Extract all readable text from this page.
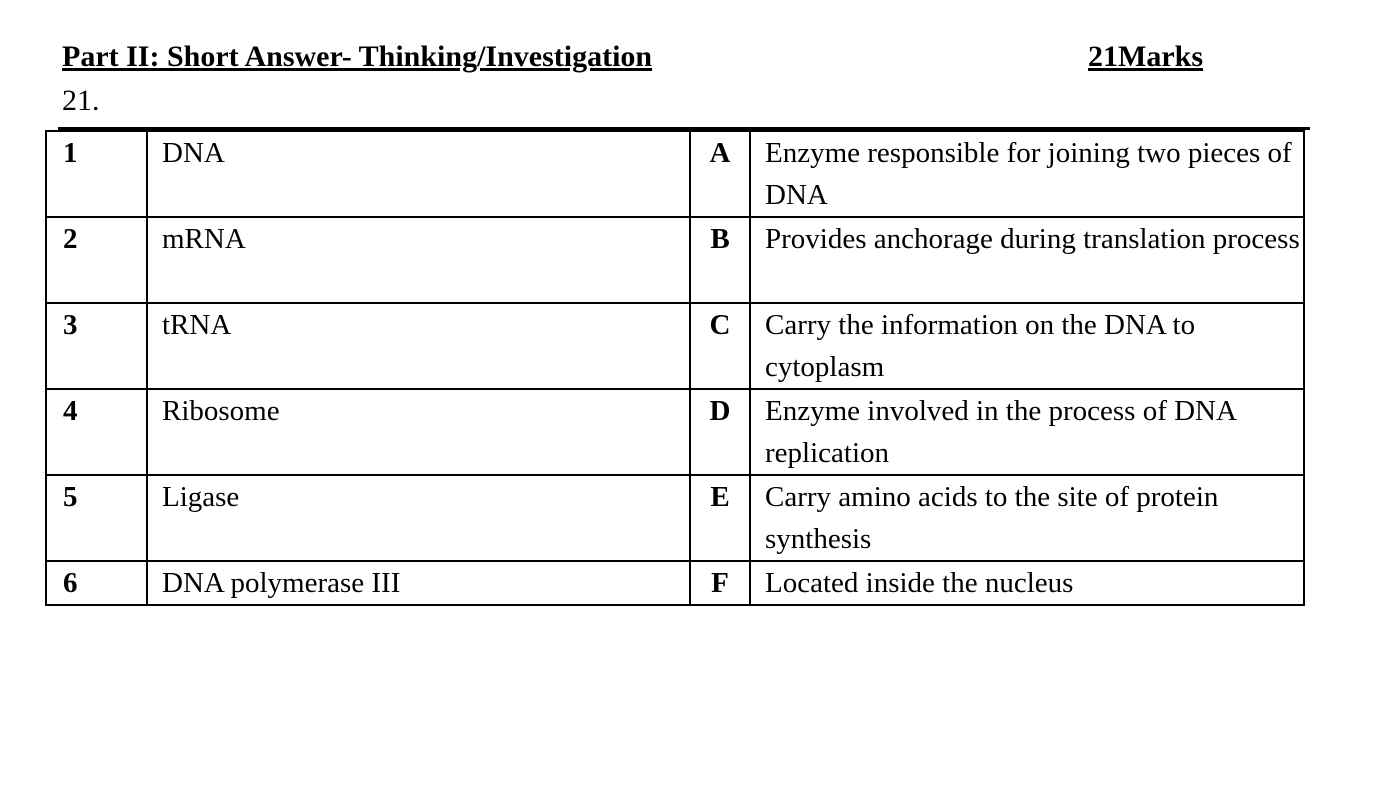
Part II: Short Answer- Thinking/Investigation	21Marks
21.
1	DNA	A	Enzyme responsible for joining two pieces of DNA
2	mRNA	B	Provides anchorage during translation process
3	tRNA	C	Carry the information on the DNA to cytoplasm
4	Ribosome	D	Enzyme involved in the process of DNA replication
5	Ligase	E	Carry amino acids to the site of protein synthesis
6	DNA polymerase III	F	Located inside the nucleus
